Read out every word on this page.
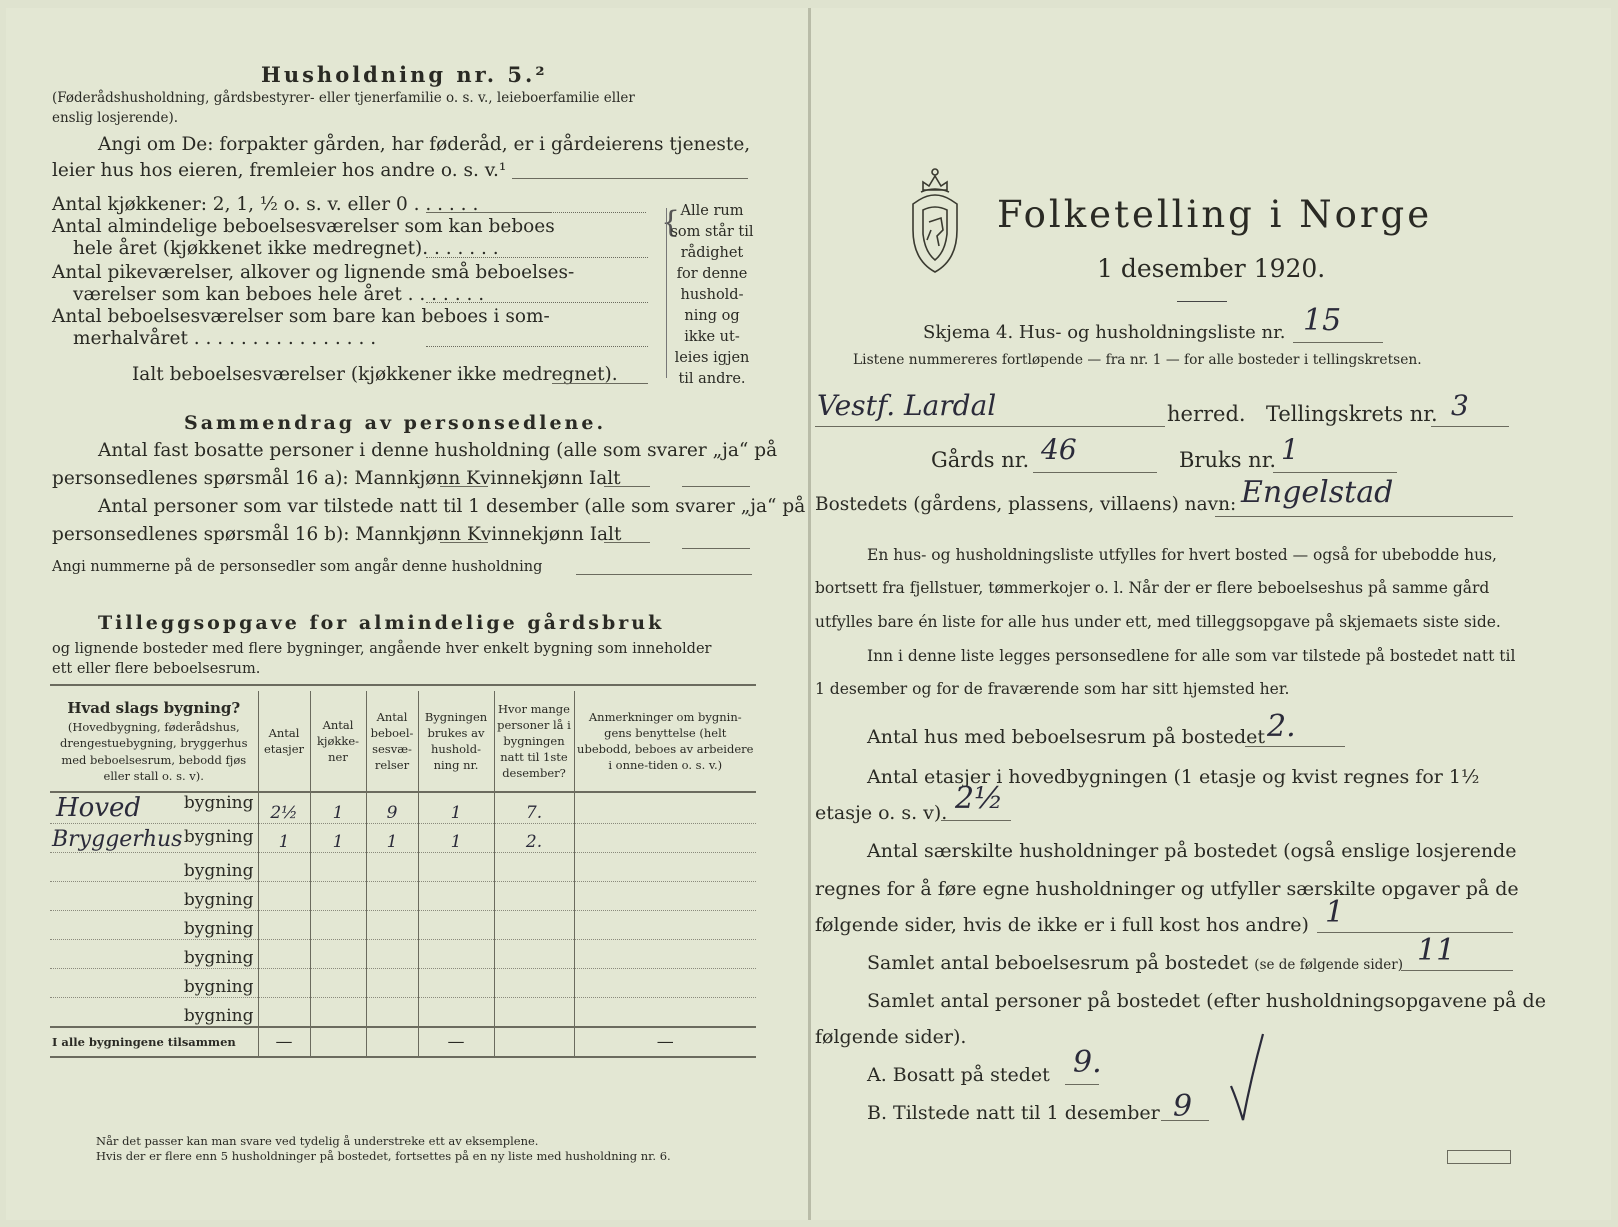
Husholdning nr. 5.²
(Føderådshusholdning, gårdsbestyrer- eller tjenerfamilie o. s. v., leieboerfamilie eller
enslig losjerende).
Angi om De: forpakter gården, har føderåd, er i gårdeierens tjeneste,
leier hus hos eieren, fremleier hos andre o. s. v.¹
Antal kjøkkener: 2, 1, ½ o. s. v. eller 0 . . . . . .
Antal almindelige beboelsesværelser som kan beboes
hele året (kjøkkenet ikke medregnet). . . . . . .
Antal pikeværelser, alkover og lignende små beboelses-
værelser som kan beboes hele året . . . . . . .
Antal beboelsesværelser som bare kan beboes i som-
merhalvåret . . . . . . . . . . . . . . . .
Ialt beboelsesværelser (kjøkkener ikke medregnet).
{ Alle rum
som står til
rådighet
for denne
hushold-
ning og
ikke ut-
leies igjen
til andre.
Sammendrag av personsedlene.
Antal fast bosatte personer i denne husholdning (alle som svarer „ja“ på
personsedlenes spørsmål 16 a): Mannkjønn Kvinnekjønn Ialt
Antal personer som var tilstede natt til 1 desember (alle som svarer „ja“ på
personsedlenes spørsmål 16 b): Mannkjønn Kvinnekjønn Ialt
Angi nummerne på de personsedler som angår denne husholdning
Tilleggsopgave for almindelige gårdsbruk
og lignende bosteder med flere bygninger, angående hver enkelt bygning som inneholder
ett eller flere beboelsesrum.
Hvad slags bygning?
(Hovedbygning, føderådshus, drengestuebygning, bryggerhus med beboelsesrum, bebodd fjøs eller stall o. s. v).	Antal etasjer	Antal kjøkke-ner	Antal beboel-sesvæ-relser	Bygningen brukes av hushold-ning nr.	Hvor mange personer lå i bygningen natt til 1ste desember?	Anmerkninger om bygnin-gens benyttelse (helt ubebodd, beboes av arbeidere i onne-tiden o. s. v.)

Hoved bygning	2½	1	9	1	7.	

Bryggerhus bygning	1	1	1	1	2.	
bygning						
bygning						
bygning						
bygning						
bygning						
bygning						
I alle bygningene tilsammen	—			—		—
Når det passer kan man svare ved tydelig å understreke ett av eksemplene.
Hvis der er flere enn 5 husholdninger på bostedet, fortsettes på en ny liste med husholdning nr. 6.
Folketelling i Norge
1 desember 1920.
Skjema 4. Hus- og husholdningsliste nr. 15
Listene nummereres fortløpende — fra nr. 1 — for alle bosteder i tellingskretsen.
Vestf. Lardal	herred. Tellingskrets nr. 3
Gårds nr. 46	Bruks nr. 1
Bostedets (gårdens, plassens, villaens) navn: Engelstad
En hus- og husholdningsliste utfylles for hvert bosted — også for ubebodde hus,
bortsett fra fjellstuer, tømmerkojer o. l. Når der er flere beboelseshus på samme gård
utfylles bare én liste for alle hus under ett, med tilleggsopgave på skjemaets siste side.
Inn i denne liste legges personsedlene for alle som var tilstede på bostedet natt til
1 desember og for de fraværende som har sitt hjemsted her.
Antal hus med beboelsesrum på bostedet 2.
Antal etasjer i hovedbygningen (1 etasje og kvist regnes for 1½
etasje o. s. v). 2½
Antal særskilte husholdninger på bostedet (også enslige losjerende
regnes for å føre egne husholdninger og utfyller særskilte opgaver på de
følgende sider, hvis de ikke er i full kost hos andre) 1
Samlet antal beboelsesrum på bostedet (se de følgende sider) 11
Samlet antal personer på bostedet (efter husholdningsopgavene på de
følgende sider).
A. Bosatt på stedet 9.
B. Tilstede natt til 1 desember 9
